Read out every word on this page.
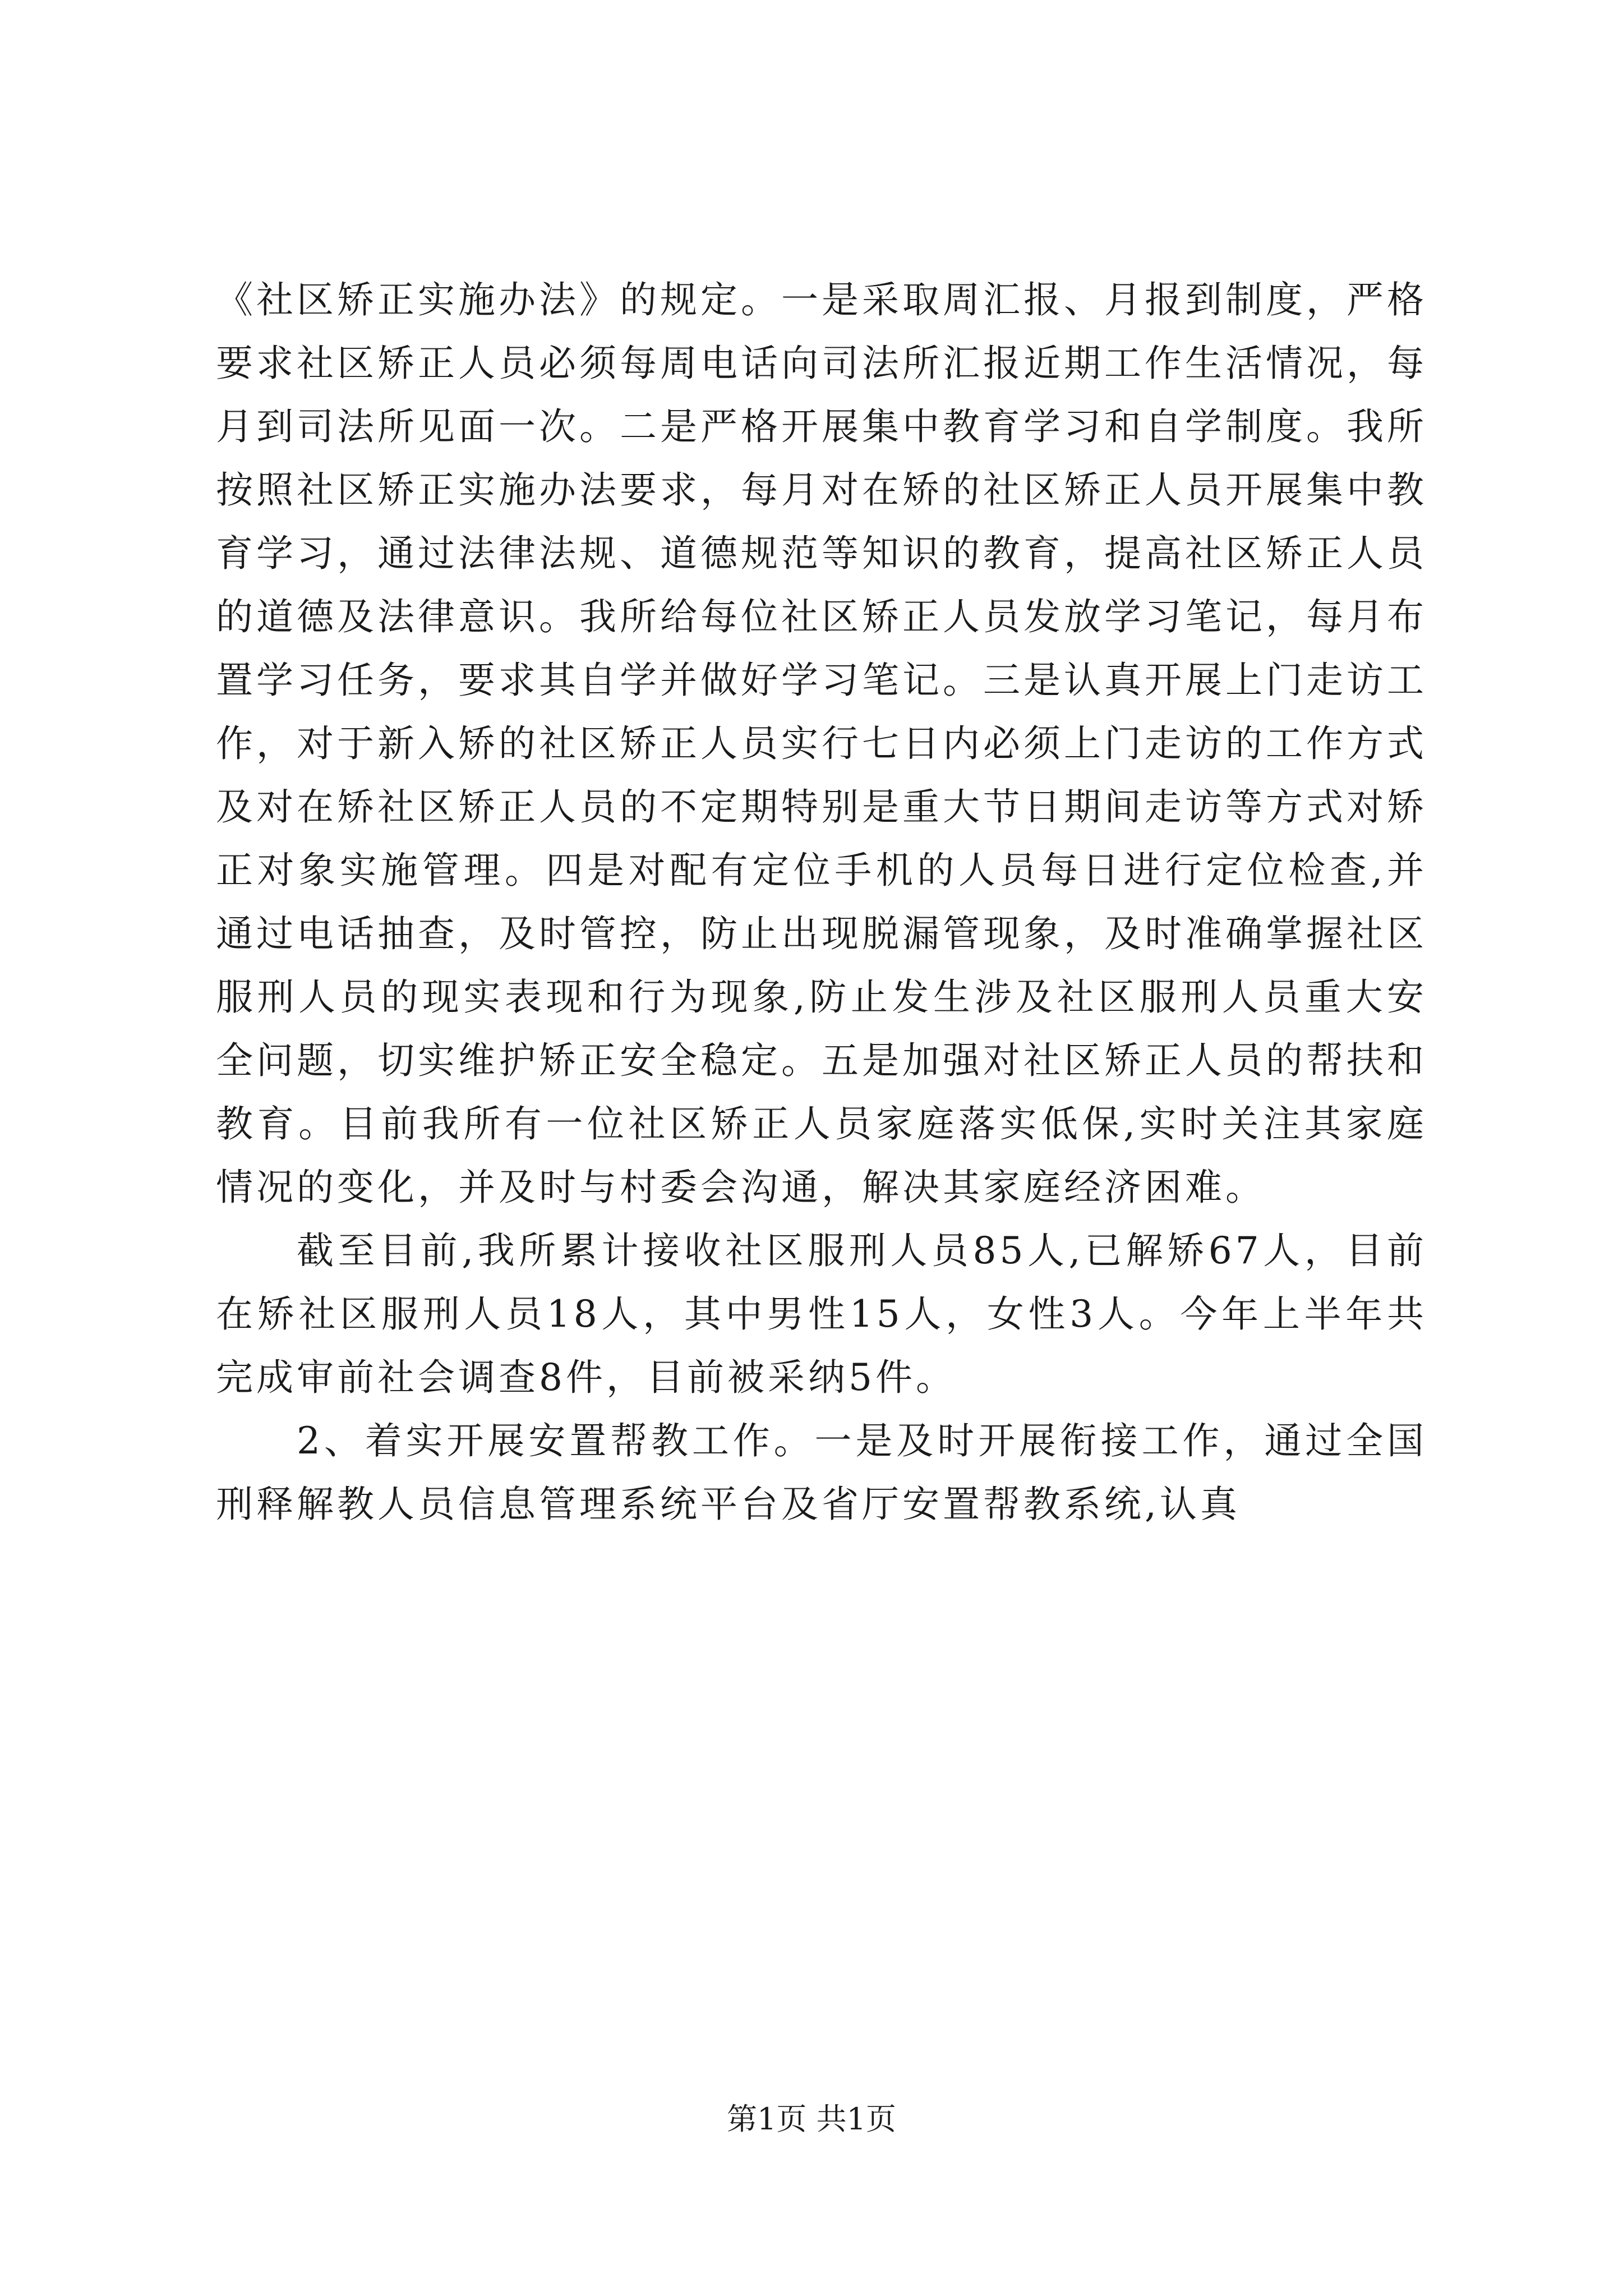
《社区矫正实施办法》的规定。一是采取周汇报、月报到制度，严格要求社区矫正人员必须每周电话向司法所汇报近期工作生活情况，每月到司法所见面一次。二是严格开展集中教育学习和自学制度。我所按照社区矫正实施办法要求，每月对在矫的社区矫正人员开展集中教育学习，通过法律法规、道德规范等知识的教育，提高社区矫正人员的道德及法律意识。我所给每位社区矫正人员发放学习笔记，每月布置学习任务，要求其自学并做好学习笔记。三是认真开展上门走访工作，对于新入矫的社区矫正人员实行七日内必须上门走访的工作方式及对在矫社区矫正人员的不定期特别是重大节日期间走访等方式对矫正对象实施管理。四是对配有定位手机的人员每日进行定位检查,并通过电话抽查，及时管控，防止出现脱漏管现象，及时准确掌握社区服刑人员的现实表现和行为现象,防止发生涉及社区服刑人员重大安全问题，切实维护矫正安全稳定。五是加强对社区矫正人员的帮扶和教育。目前我所有一位社区矫正人员家庭落实低保,实时关注其家庭情况的变化，并及时与村委会沟通，解决其家庭经济困难。

截至目前,我所累计接收社区服刑人员85人,已解矫67人，目前在矫社区服刑人员18人，其中男性15人，女性3人。今年上半年共完成审前社会调查8件，目前被采纳5件。

2、着实开展安置帮教工作。一是及时开展衔接工作，通过全国刑释解教人员信息管理系统平台及省厅安置帮教系统,认真

第1页 共1页
